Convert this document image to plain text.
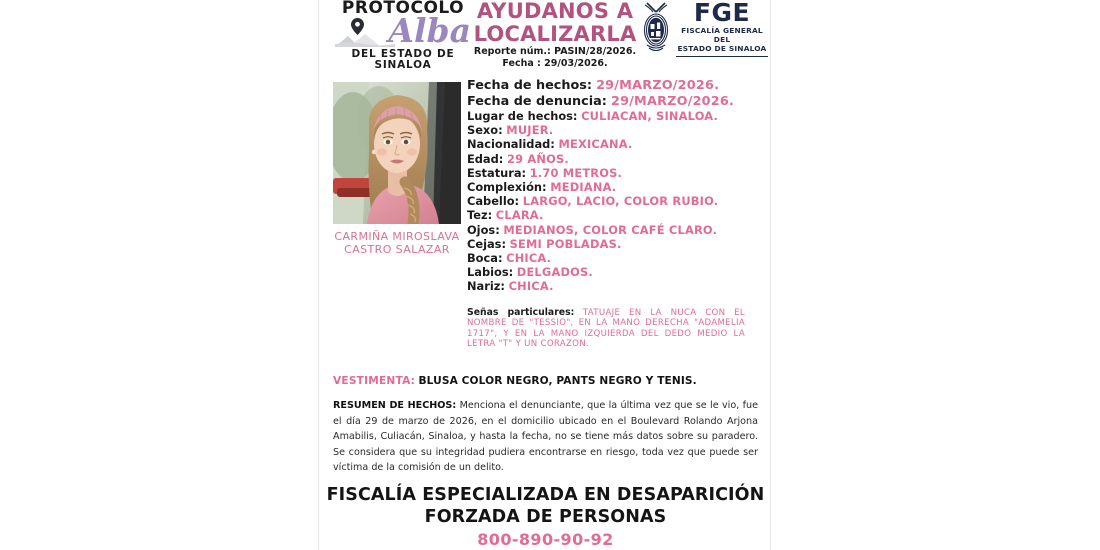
PROTOCOLO
Alba
DEL ESTADO DE SINALOA
AYUDANOS A
LOCALIZARLA
Reporte núm.: PASIN/28/2026.
Fecha : 29/03/2026.
FGE
FISCALÍA GENERAL DEL
ESTADO DE SINALOA
CARMIÑA MIROSLAVA
CASTRO SALAZAR
Fecha de hechos: 29/MARZO/2026.
Fecha de denuncia: 29/MARZO/2026.
Lugar de hechos: CULIACAN, SINALOA.
Sexo: MUJER.
Nacionalidad: MEXICANA.
Edad: 29 AÑOS.
Estatura: 1.70 METROS.
Complexión: MEDIANA.
Cabello: LARGO, LACIO, COLOR RUBIO.
Tez: CLARA.
Ojos: MEDIANOS, COLOR CAFÉ CLARO.
Cejas: SEMI POBLADAS.
Boca: CHICA.
Labios: DELGADOS.
Nariz: CHICA.
Señas particulares: TATUAJE EN LA NUCA CON EL NOMBRE DE "TESSIO", EN LA MANO DERECHA "ADAMELIA 1717", Y EN LA MANO IZQUIERDA DEL DEDO MEDIO LA LETRA "T" Y UN CORAZON.
VESTIMENTA: BLUSA COLOR NEGRO, PANTS NEGRO Y TENIS.
RESUMEN DE HECHOS: Menciona el denunciante, que la última vez que se le vio, fue el día 29 de marzo de 2026, en el domicilio ubicado en el Boulevard Rolando Arjona Amabilis, Culiacán, Sinaloa, y hasta la fecha, no se tiene más datos sobre su paradero. Se considera que su integridad pudiera encontrarse en riesgo, toda vez que puede ser víctima de la comisión de un delito.
FISCALÍA ESPECIALIZADA EN DESAPARICIÓN
FORZADA DE PERSONAS
800-890-90-92
